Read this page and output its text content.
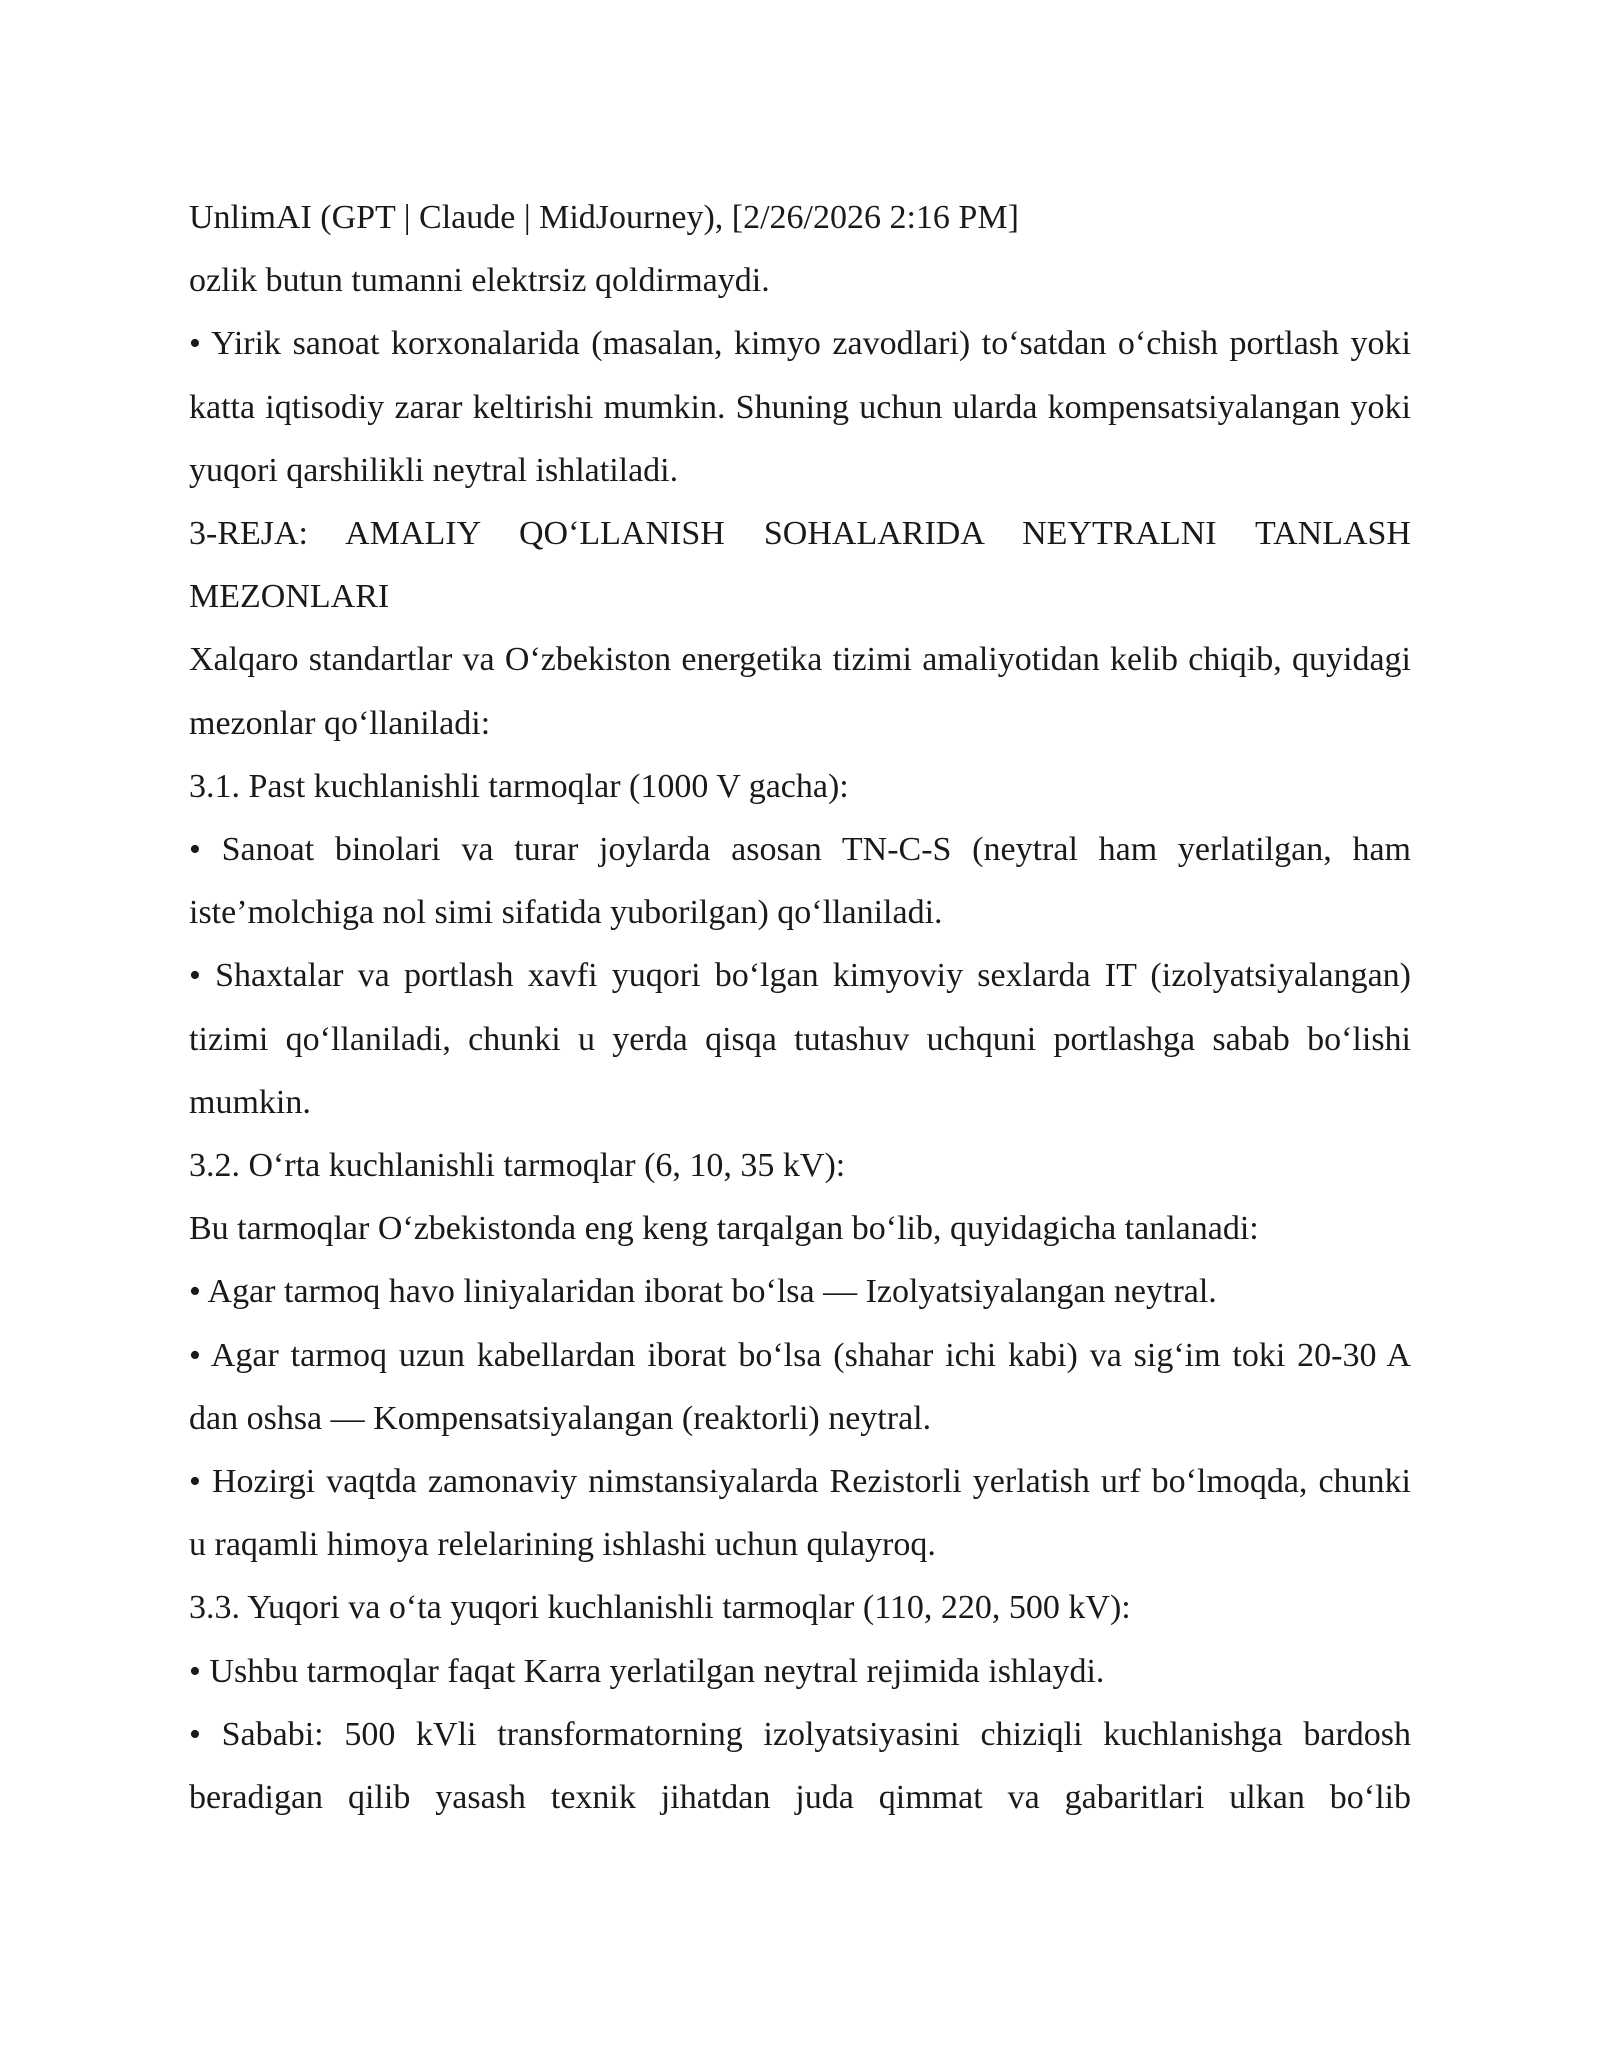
UnlimAI (GPT | Claude | MidJourney), [2/26/2026 2:16 PM]
ozlik butun tumanni elektrsiz qoldirmaydi.
• Yirik sanoat korxonalarida (masalan, kimyo zavodlari) to‘satdan o‘chish portlash yoki katta iqtisodiy zarar keltirishi mumkin. Shuning uchun ularda kompensatsiyalangan yoki yuqori qarshilikli neytral ishlatiladi.
3-REJA: AMALIY QO‘LLANISH SOHALARIDA NEYTRALNI TANLASH MEZONLARI
Xalqaro standartlar va O‘zbekiston energetika tizimi amaliyotidan kelib chiqib, quyidagi mezonlar qo‘llaniladi:
3.1. Past kuchlanishli tarmoqlar (1000 V gacha):
• Sanoat binolari va turar joylarda asosan TN-C-S (neytral ham yerlatilgan, ham iste’molchiga nol simi sifatida yuborilgan) qo‘llaniladi.
• Shaxtalar va portlash xavfi yuqori bo‘lgan kimyoviy sexlarda IT (izolyatsiyalangan) tizimi qo‘llaniladi, chunki u yerda qisqa tutashuv uchquni portlashga sabab bo‘lishi mumkin.
3.2. O‘rta kuchlanishli tarmoqlar (6, 10, 35 kV):
Bu tarmoqlar O‘zbekistonda eng keng tarqalgan bo‘lib, quyidagicha tanlanadi:
• Agar tarmoq havo liniyalaridan iborat bo‘lsa — Izolyatsiyalangan neytral.
• Agar tarmoq uzun kabellardan iborat bo‘lsa (shahar ichi kabi) va sig‘im toki 20-30 A dan oshsa — Kompensatsiyalangan (reaktorli) neytral.
• Hozirgi vaqtda zamonaviy nimstansiyalarda Rezistorli yerlatish urf bo‘lmoqda, chunki u raqamli himoya relelarining ishlashi uchun qulayroq.
3.3. Yuqori va o‘ta yuqori kuchlanishli tarmoqlar (110, 220, 500 kV):
• Ushbu tarmoqlar faqat Karra yerlatilgan neytral rejimida ishlaydi.
• Sababi: 500 kVli transformatorning izolyatsiyasini chiziqli kuchlanishga bardosh beradigan qilib yasash texnik jihatdan juda qimmat va gabaritlari ulkan bo‘lib
